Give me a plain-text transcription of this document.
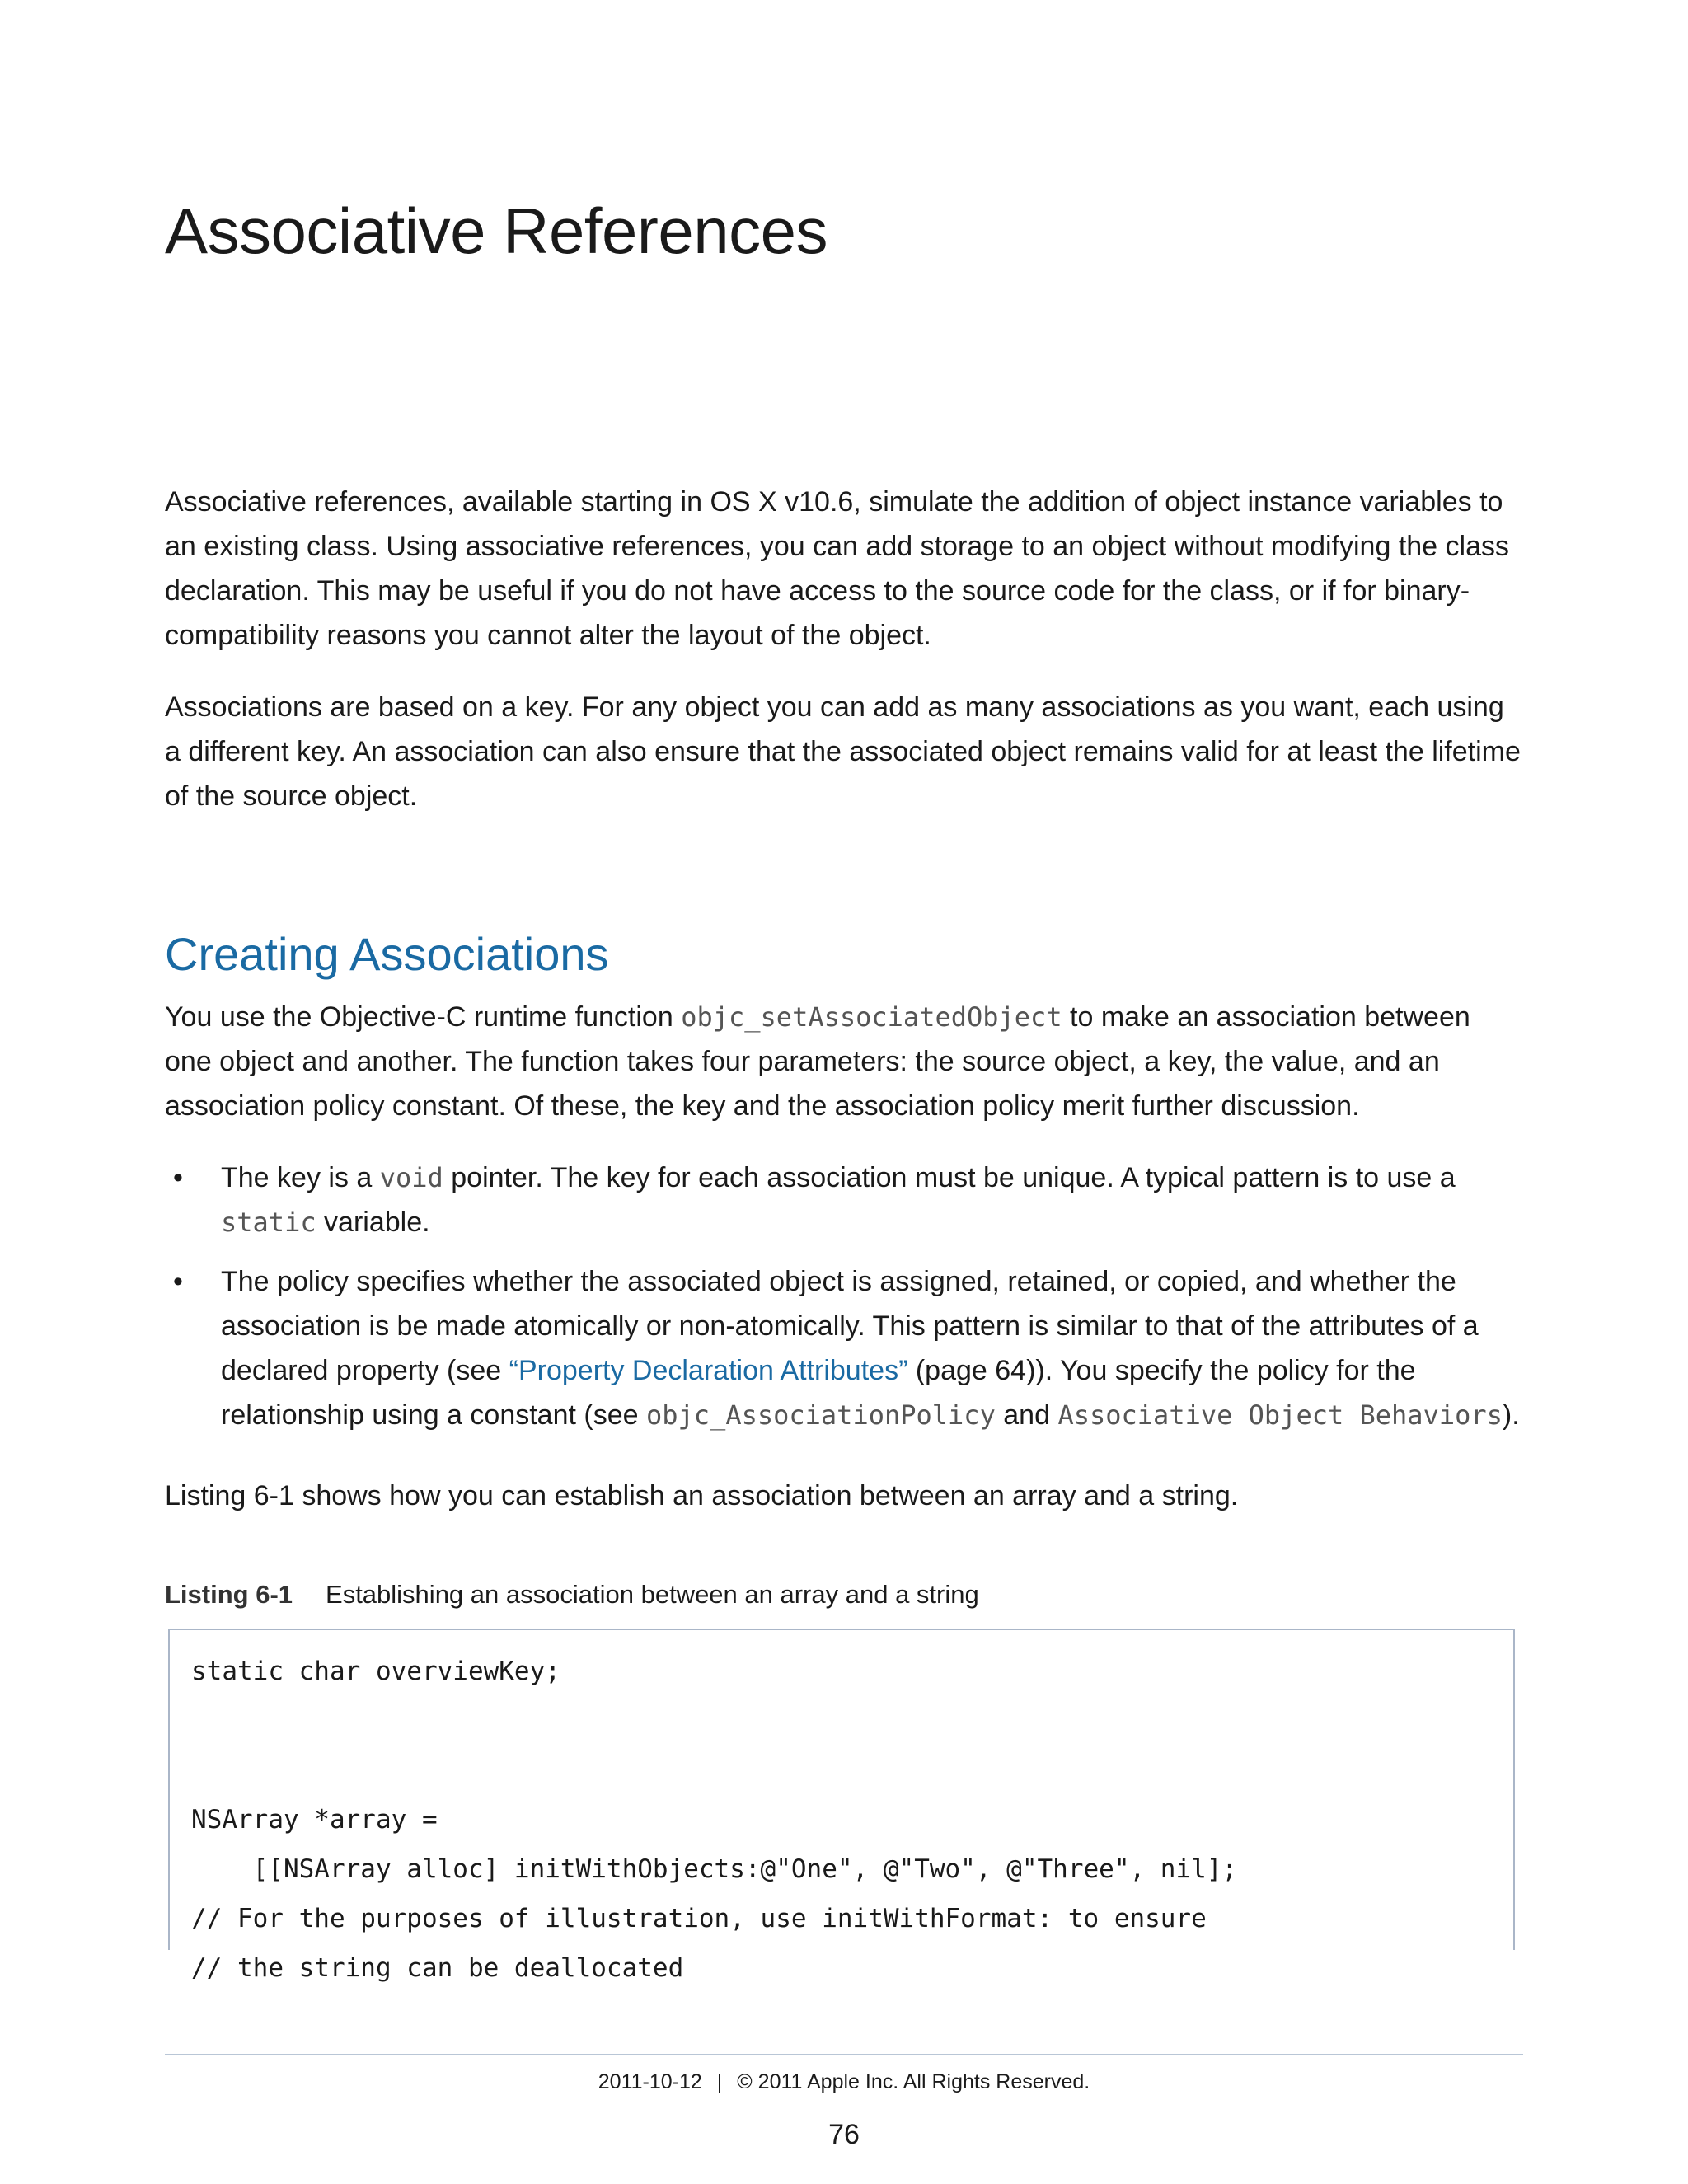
Associative References

Associative references, available starting in OS X v10.6, simulate the addition of object instance variables to an existing class. Using associative references, you can add storage to an object without modifying the class declaration. This may be useful if you do not have access to the source code for the class, or if for binary-compatibility reasons you cannot alter the layout of the object.

Associations are based on a key. For any object you can add as many associations as you want, each using a different key. An association can also ensure that the associated object remains valid for at least the lifetime of the source object.

Creating Associations

You use the Objective-C runtime function objc_setAssociatedObject to make an association between one object and another. The function takes four parameters: the source object, a key, the value, and an association policy constant. Of these, the key and the association policy merit further discussion.

• The key is a void pointer. The key for each association must be unique. A typical pattern is to use a static variable.
• The policy specifies whether the associated object is assigned, retained, or copied, and whether the association is be made atomically or non-atomically. This pattern is similar to that of the attributes of a declared property (see “Property Declaration Attributes” (page 64)). You specify the policy for the relationship using a constant (see objc_AssociationPolicy and Associative Object Behaviors).

Listing 6-1 shows how you can establish an association between an array and a string.

Listing 6-1 Establishing an association between an array and a string
static char overviewKey;

NSArray *array =
[[NSArray alloc] initWithObjects:@"One", @"Two", @"Three", nil];
// For the purposes of illustration, use initWithFormat: to ensure
// the string can be deallocated
2011-10-12 | © 2011 Apple Inc. All Rights Reserved.
76
